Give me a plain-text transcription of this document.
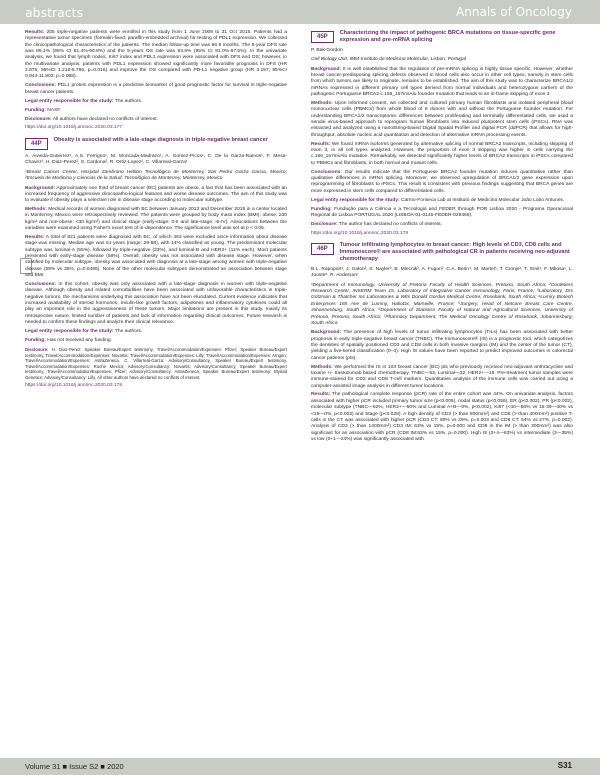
abstracts	Annals of Oncology

Results: 205 triple-negative patients were enrolled in this study from 1 June 2009 to 31 Oct 2015. Patients had a representative tumor specimen (formalin-fixed, paraffin-embedded archival) for testing of PDL1 expression. We collected the clinicopathological characteristics of the patients. The median follow-up time was 66.9 months. The 5-year DFS rate was 86.1% (95% CI 81.4%-90.8%) and the 5-years OS rate was 93.6% (95% CI 91.0%-97.6%). In the univariate analysis, we found that lymph nodes, Ki67 index and PDL1 expression were associated with DFS and OS; however, in the multivariate analysis, patients with PDL1 expression showed significantly more favorable prognosis in DFS (HR 2.875; 95%CI 1.216-6.796, p=0.016) and improve the OS compared with PD-L1 negative group (HR 3.157; 95%CI 0.844-11.803, p=0.088).

Conclusions: PDL1 protein expression is a predictive biomarker of good prognostic factor for survival in triple-negative breast cancer patients.

Legal entity responsible for the study: The authors.

Funding: NASF.

Disclosure: All authors have declared no conflicts of interest.

https://doi.org/10.1016/j.annonc.2020.03.177

44P
Obesity is associated with a late-stage diagnosis in triple-negative breast cancer

A. Aranda-Gutierrez¹, A.S. Ferrigno¹, M. Moncada-Madrazo¹, A. Gomez-Picos¹, C. De la Garza-Ramos¹, F. Mesa-Chavez¹, H. Diaz-Perez², S. Cardona², R. Ortiz-Lopez², C. Villarreal-Garza¹

¹Breast Cancer Center, Hospital Zambrano Hellion Tecnológico de Monterrey, San Pedro Garza Garcia, Mexico; ²Escuela de Medicina y Ciencias de la Salud, Tecnológico de Monterrey, Monterrey, Mexico

Background: Approximately one third of breast cancer (BC) patients are obese, a fact that has been associated with an increased frequency of aggressive clinicopatho-logical features and worse disease outcomes. The aim of this study was to evaluate if obesity plays a selective role in disease stage according to molecular subtype.

Methods: Medical records of women diagnosed with BC between January 2013 and December 2015 in a center located in Monterrey, Mexico were retrospectively reviewed. The patients were grouped by body mass index (BMI): obese: ≥30 kg/m² and non-obese: <30 kg/m²) and clinical stage (early-stage: 0-II and late-stage: III-IV). Associations between the variables were examined using Fisher's exact test of in-dependence. The significance level was set at p < 0.05.

Results: A total of 821 patients were diagnosed with BC, of which 363 were excluded since information about disease stage was missing. Median age was 51 years (range: 29-88), with 14% classified as young. The predominant molecular subtype was luminal-A (55%), followed by triple-negative (23%), and luminal-B and HER2+ (11% each). Most patients presented with early-stage disease (58%). Overall, obesity was not associated with disease stage. However, when stratified by molecular subtype, obesity was associated with diagnosis at a late-stage among women with triple-negative disease (59% vs 35%, p=0.0495). None of the other molecular subtypes demonstrated an association between stage and BMI.

Conclusions: In this cohort, obesity was only associated with a late-stage diagnosis in women with triple-negative disease. Although obesity and related comorbidities have been associated with unfavorable characteristics in triple-negative tumors, the mechanisms underlying this association have not been elucidated. Current evidence indicates that increased availability of steroid hormones, insulin-like growth factors, adipokines and inflammatory cytokines could all play an important role in the aggressiveness of these tumors. Major limitations are present in this study, mainly its retrospective nature, limited number of patients and lack of information regarding clinical outcomes. Future research is needed to confirm these findings and analyze their clinical relevance.

Legal entity responsible for the study: The authors.

Funding: Has not received any funding.

Disclosure: H. Diaz-Perez: Speaker Bureau/Expert testimony, Travel/Accommodation/Expenses: Pfizer; Speaker Bureau/Expert testimony, Travel/Accommodation/Expenses: Novartis; Travel/Accommodation/Expenses: Lilly; Travel/Accommodation/Expenses: Amgen; Travel/Accommodation/Expenses: AstraZeneca. C. Villarreal-Garza: Advisory/Consultancy, Speaker Bureau/Expert testimony, Travel/Accommodation/Expenses: Roche Mexico; Advisory/Consultancy: Novartis; Advisory/Consultancy, Speaker Bureau/Expert testimony, Travel/Accommodation/Expenses: Pfizer; Advisory/Consultancy: AstraZeneca; Speaker Bureau/Expert testimony: Myriad Genetics; Advisory/Consultancy: Lilly. All other authors have declared no conflicts of interest.

https://doi.org/10.1016/j.annonc.2020.03.178

45P
Characterizing the impact of pathogenic BRCA mutations on tissue-specific gene expression and pre-mRNA splicing

P. Bak-Gordon

Cell Biology Unit, IMM-Instituto de Medicina Molecular, Lisbon, Portugal

Background: It is well established that the regulation of pre-mRNA splicing is highly tissue specific. However, whether breast cancer-predisposing splicing defects observed in blood cells also occur in other cell types, namely in stem cells from which tumors are likely to originate, remains to be established. The aim of this study was to characterize BRCA1/2 mRNAs expressed in different primary cell types derived from normal individuals and heterozygous carriers of the pathogenic Portuguese BRCA2 c.156_157insAlu founder mutation that leads to an in-frame skipping of exon 3.

Methods: Upon informed consent, we collected and cultured primary human fibroblasts and isolated peripheral blood mononuclear cells (PBMCs) from whole blood of 6 donors with and without the Portuguese founder mutation. For understanding BRCA1/2 transcriptomic differences between proliferating and terminally differentiated cells, we used a sendai virus-based approach to reprogram human fibroblasts into induced pluripotent stem cells (iPSCs). RNA was extracted and analyzed using a nanoString-based Digital Spatial Profiler and digital PCR (ddPCR) that allows for high-throughput, absolute nucleic acid quantitation and detection of alternative mRNA processing events.

Results: We found mRNA isoforms generated by alternative splicing of normal BRCA2 transcripts, including skipping of exon 3, in all cell types analyzed. However, the proportion of exon 3 skipping was higher in cells carrying the c.156_157insAlu mutation. Remarkably, we detected significantly higher levels of BRCA2 transcripts in iPSCs compared to PBMCs and fibroblasts, in both normal and mutant cells.

Conclusions: Our results indicate that the Portuguese BRCA2 founder mutation induces quantitative rather than qualitative differences in mRNA splicing. Moreover, we observed upregulation of BRCA1/2 gene expression upon reprogramming of fibroblasts to iPSCs. This result is consistent with previous findings suggesting that BRCA genes are more expressed in stem cells compared to differentiated cells.

Legal entity responsible for the study: Carmo-Fonseca Lab at Instituto de Medicina Molecular João Lobo Antunes.

Funding: Fundação para a Ciência e a Tecnologia and FEDER through POR Lisboa 2020 - Programa Operacional Regional de Lisboa PORTUGAL 2020 (LISBOA-01-0145-FEDER-029469).

Disclosure: The author has declared no conflicts of interest.

https://doi.org/10.1016/j.annonc.2020.03.179

46P
Tumour infiltrating lymphocytes in breast cancer: High levels of CD3, CD8 cells and Immunoscore® are associated with pathological CR in patients receiving neo-adjuvant chemotherapy

B.L. Rapoport¹, J. Galon², S. Nayler³, B. Mlecnik², A. Fugon², C.A. Benn⁴, M. Martel⁵, T. Cronje¹, T. Smit¹, F. Mbosa¹, L. Jooste⁶, R. Anderson⁷

¹Department of Immunology, University of Pretoria Faculty of Health Sciences, Pretoria, South Africa; ²Cordeliers Research Center, INSERM Team 15, Laboratory of Integrative Cancer Immunology, Paris, France; ³Laboratory, Drs Gritzman & Thatcher Inc Laboratories & Wits Donald Gordon Medical Centre, Rosebank, South Africa; ⁴Lumiry Biotech Enterprises 165 Ave de Luminy, HalioDx, Marseille, France; ⁵Surgery, Head of Netcare Breast Care Centre, Johannesburg, South Africa; ⁶Department of Statistics Faculty of Natural and Agricultural Sciences, University of Pretoria, Pretoria, South Africa; ⁷Pharmacy Department, The Medical Oncology Centre of Rosebank, Johannesburg, South Africa

Background: The presence of high levels of tumor infiltrating lymphocytes (TILs) has been associated with better prognosis in early triple-negative breast cancer (TNBC). The Immunoscore® (IS) is a prognostic tool, which categorizes the densities of spatially positioned CD3 and CD8 cells in both invasive margins (IM) and the center of the tumor (CT), yielding a five-tiered classification (0–4). High IS values have been reported to predict improved outcomes in colorectal cancer patients (pts).

Methods: We performed the IS in 103 breast cancer (BC) pts who previously received neo-adjuvant anthracycline and taxane +/- trastuzumab based chemotherapy. TNBC—53, Luminal—32, HER2+—18. Pre-treatment tumor samples were immune-stained for CD3 and CD8 T-cell markers. Quantitative analysis of the immune cells was carried out using a computer-assisted image analysis in different tumor locations.

Results: The pathological complete response (pCR) rate of the entire cohort was 44%. On univariate analysis, factors associated with higher pCR included primary tumor size (p<0.005), nodal status (p<0.059), ER (p<0.002), PR (p<0.002), molecular subtype (TNBC—62%, HER2+—50% and Luminal A+B—9%, p<0.002), Ki67 (<40—56% vs 15-39—40% vs <15—0%, p<0.003) and Stage (p<0.028). A high density of CD3 (> than 800mm²) and CD8 (> than 400mm²) positive T-cells in the CT was associated with higher pCR (CD3 CT: 60% vs 29%, p=0.003 and CD8 CT: 64% vs 27%, p=0.002). Analysis of CD3 (> than 1400mm²) CD3 IM: 63% vs 19%, p=0.000 and CD8 in the IM (> than 300mm²) was also significant for an association with pCR (CD8 IM:63% vs 15%, p=0.000). High IS (3+4—63%) vs intermediate (2—35%) vs low (0+1—24%) was significantly associated with

Volume 31 ■ Issue S2 ■ 2020	S31
